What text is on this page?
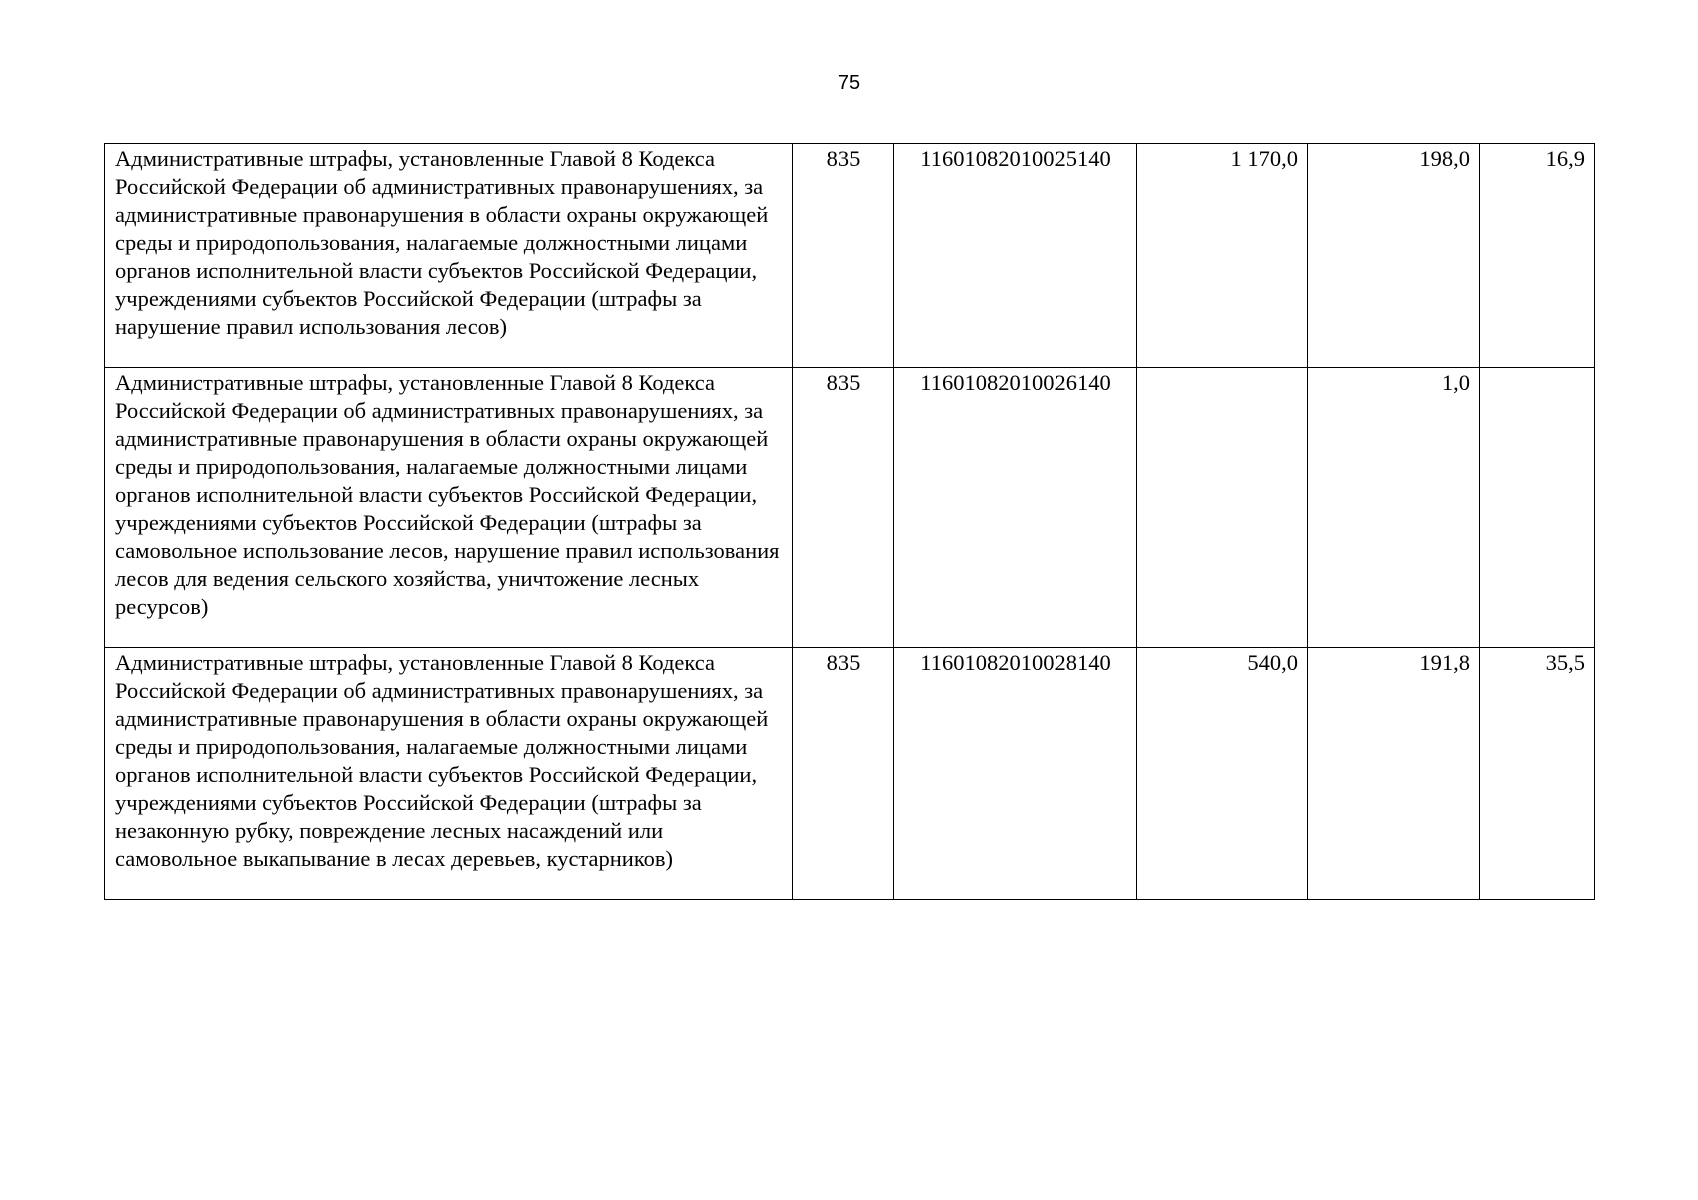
75
Административные штрафы, установленные Главой 8 Кодекса Российской Федерации об административных правонарушениях, за административные правонарушения в области охраны окружающей среды и природопользования, налагаемые должностными лицами органов исполнительной власти субъектов Российской Федерации, учреждениями субъектов Российской Федерации (штрафы за нарушение правил использования лесов)	835	11601082010025140	1 170,0	198,0	16,9
Административные штрафы, установленные Главой 8 Кодекса Российской Федерации об административных правонарушениях, за административные правонарушения в области охраны окружающей среды и природопользования, налагаемые должностными лицами органов исполнительной власти субъектов Российской Федерации, учреждениями субъектов Российской Федерации (штрафы за самовольное использование лесов, нарушение правил использования лесов для ведения сельского хозяйства, уничтожение лесных ресурсов)	835	11601082010026140		1,0	
Административные штрафы, установленные Главой 8 Кодекса Российской Федерации об административных правонарушениях, за административные правонарушения в области охраны окружающей среды и природопользования, налагаемые должностными лицами органов исполнительной власти субъектов Российской Федерации, учреждениями субъектов Российской Федерации (штрафы за незаконную рубку, повреждение лесных насаждений или самовольное выкапывание в лесах деревьев, кустарников)	835	11601082010028140	540,0	191,8	35,5
